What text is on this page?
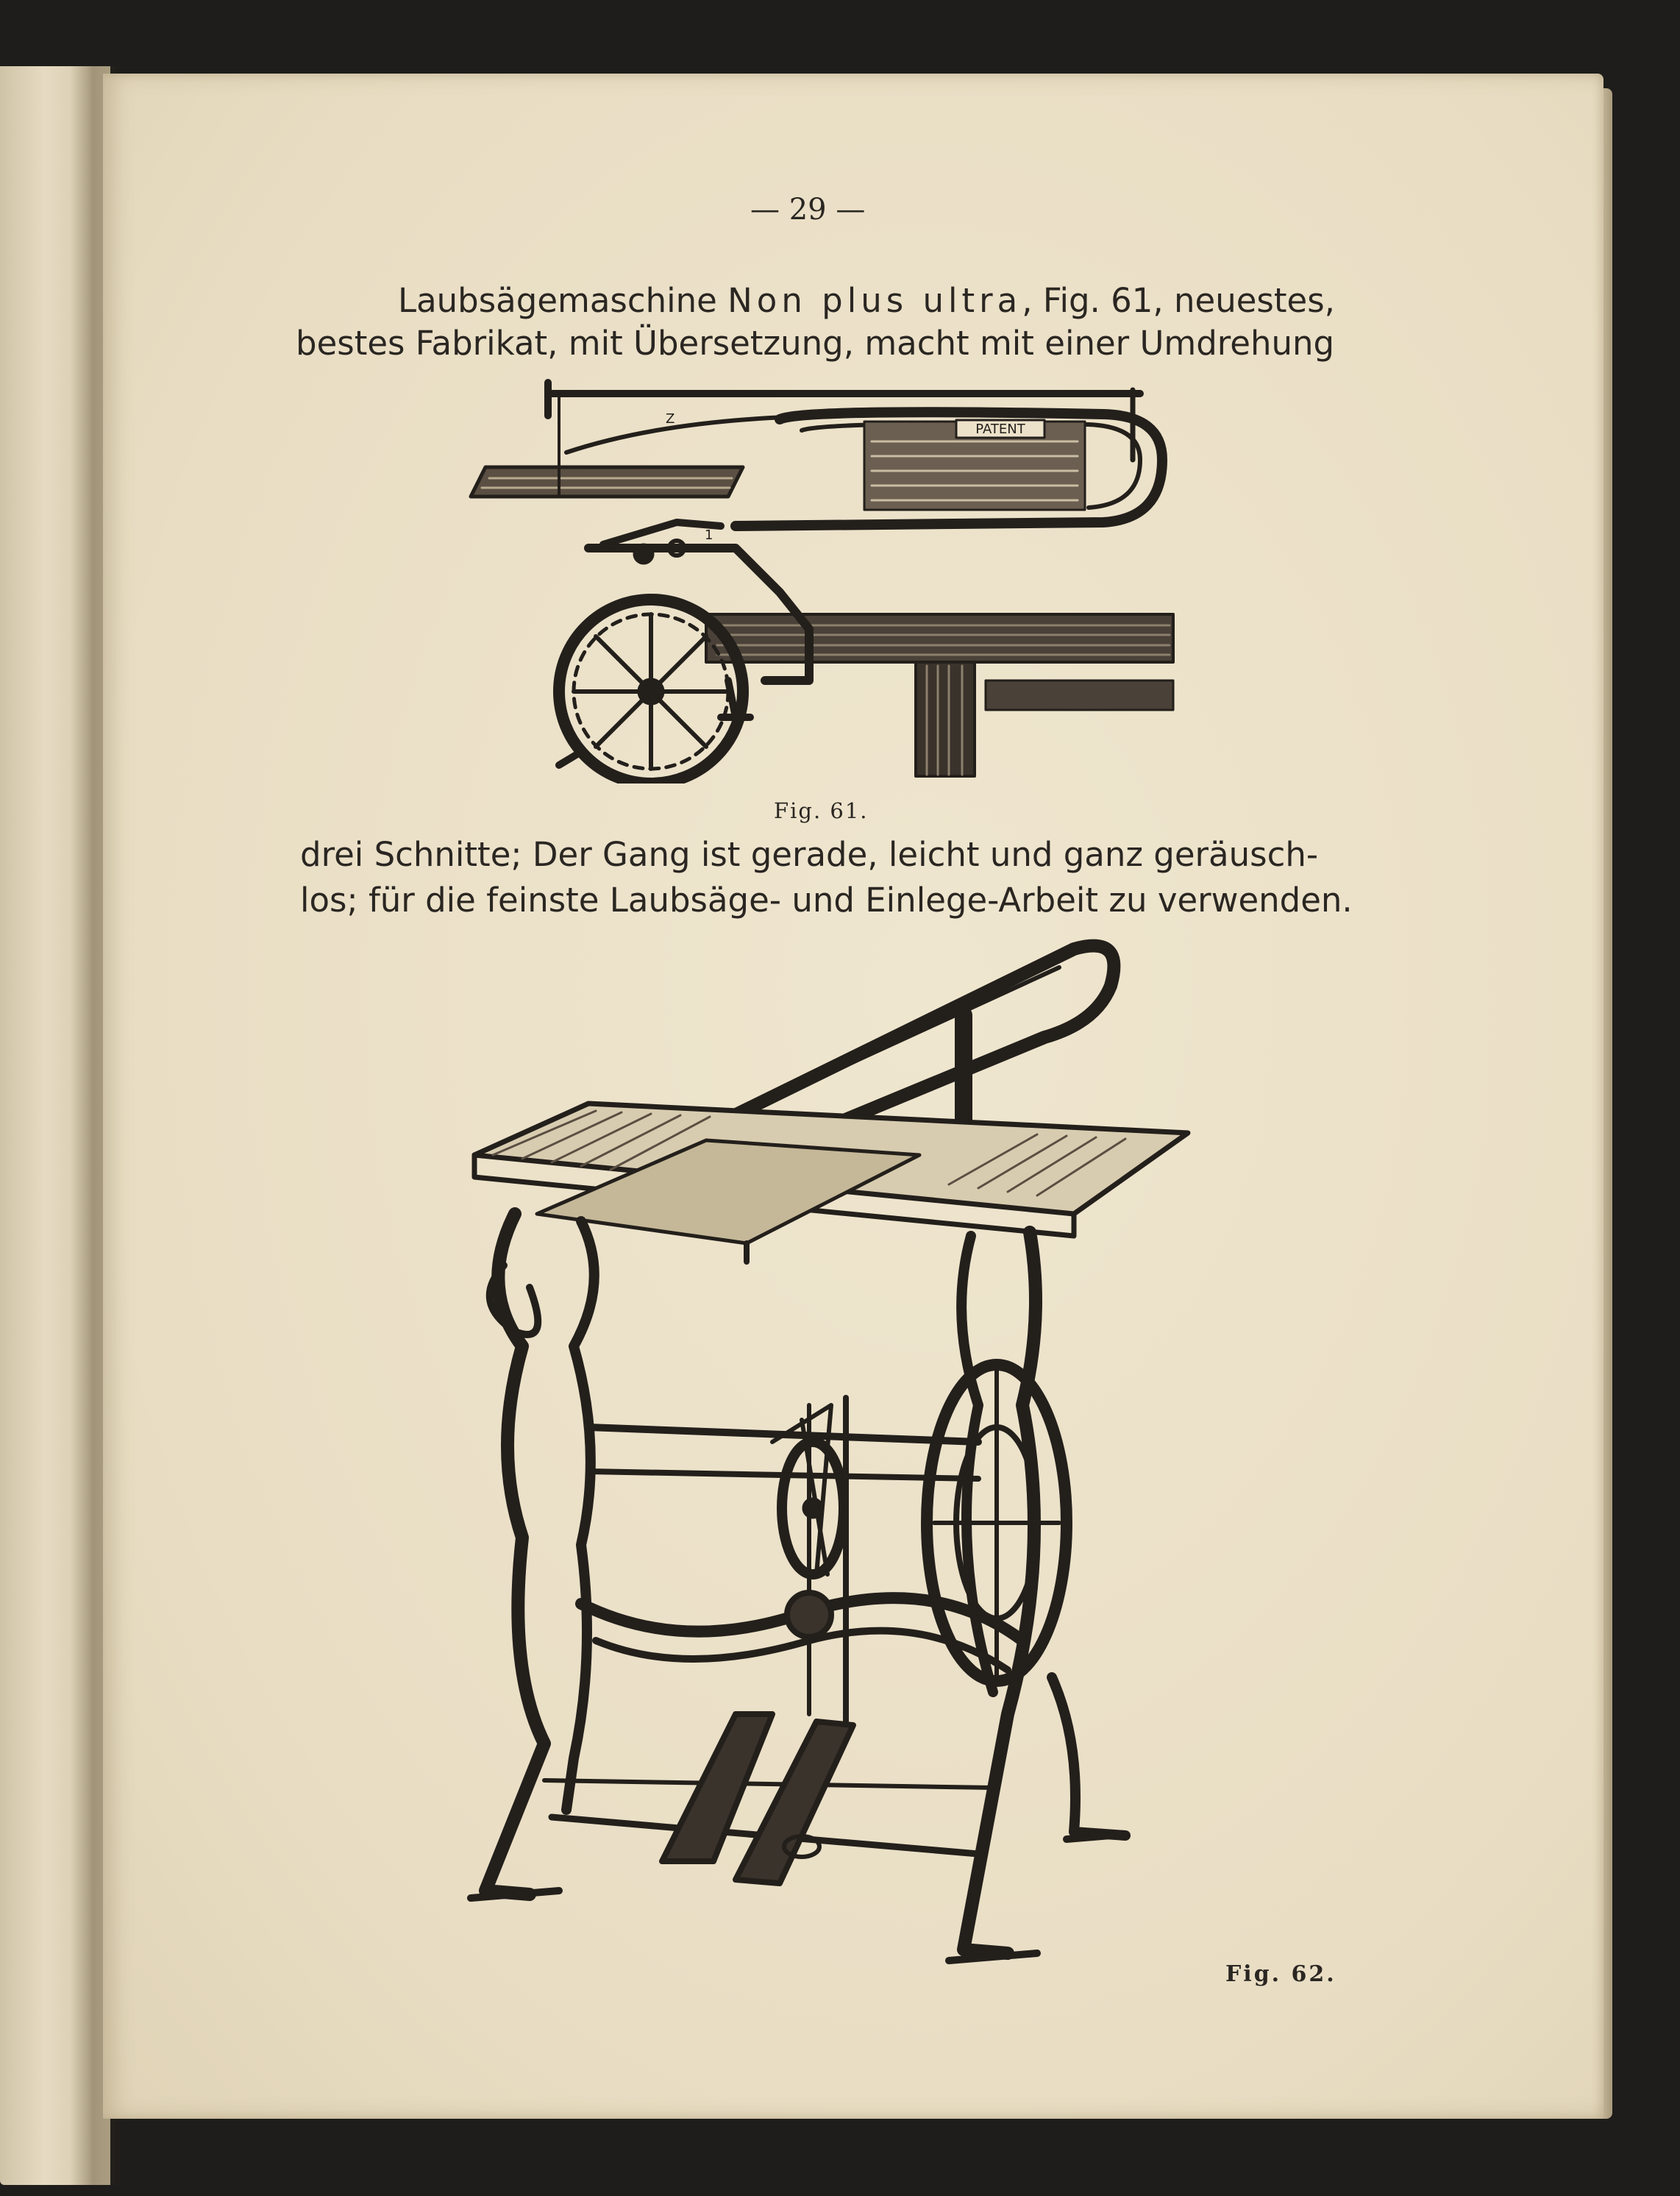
— 29 —
Laubsägemaschine Non plus ultra, Fig. 61, neuestes,
bestes Fabrikat, mit Übersetzung, macht mit einer Umdrehung
PATENT
Z
1
Fig. 61.
drei Schnitte; Der Gang ist gerade, leicht und ganz geräusch-
los; für die feinste Laubsäge- und Einlege-Arbeit zu verwenden.
Fig. 62.
